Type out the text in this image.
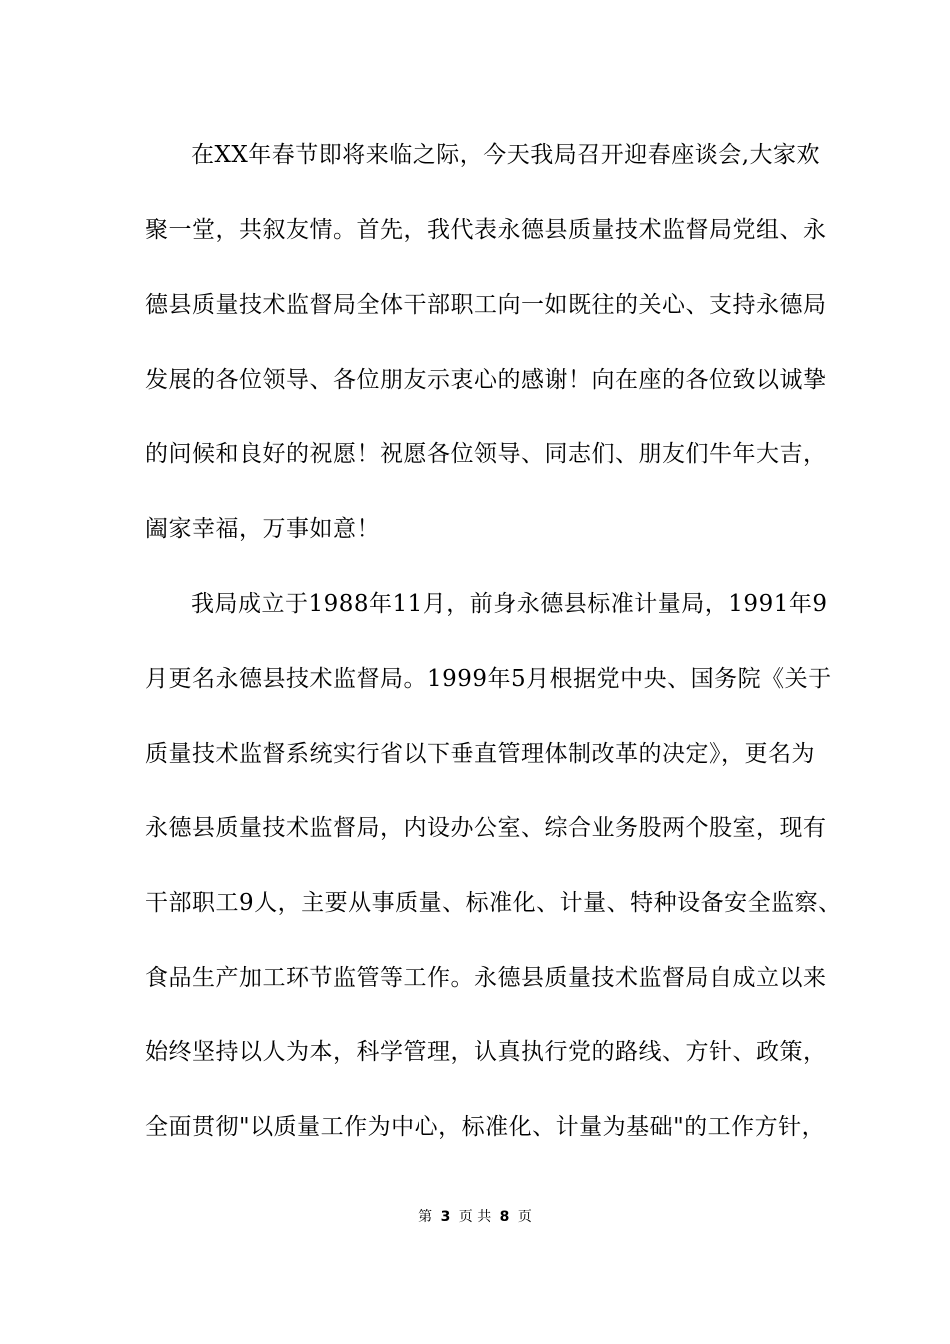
在XX年春节即将来临之际，今天我局召开迎春座谈会,大家欢
聚一堂，共叙友情。首先，我代表永德县质量技术监督局党组、永
德县质量技术监督局全体干部职工向一如既往的关心、支持永德局
发展的各位领导、各位朋友示衷心的感谢！向在座的各位致以诚挚
的问候和良好的祝愿！祝愿各位领导、同志们、朋友们牛年大吉，
阖家幸福，万事如意！
我局成立于1988年11月，前身永德县标准计量局，1991年9
月更名永德县技术监督局。1999年5月根据党中央、国务院《关于
质量技术监督系统实行省以下垂直管理体制改革的决定》，更名为
永德县质量技术监督局，内设办公室、综合业务股两个股室，现有
干部职工9人，主要从事质量、标准化、计量、特种设备安全监察、
食品生产加工环节监管等工作。永德县质量技术监督局自成立以来
始终坚持以人为本，科学管理，认真执行党的路线、方针、政策，
全面贯彻"以质量工作为中心，标准化、计量为基础"的工作方针，
第 3 页 共 8 页
